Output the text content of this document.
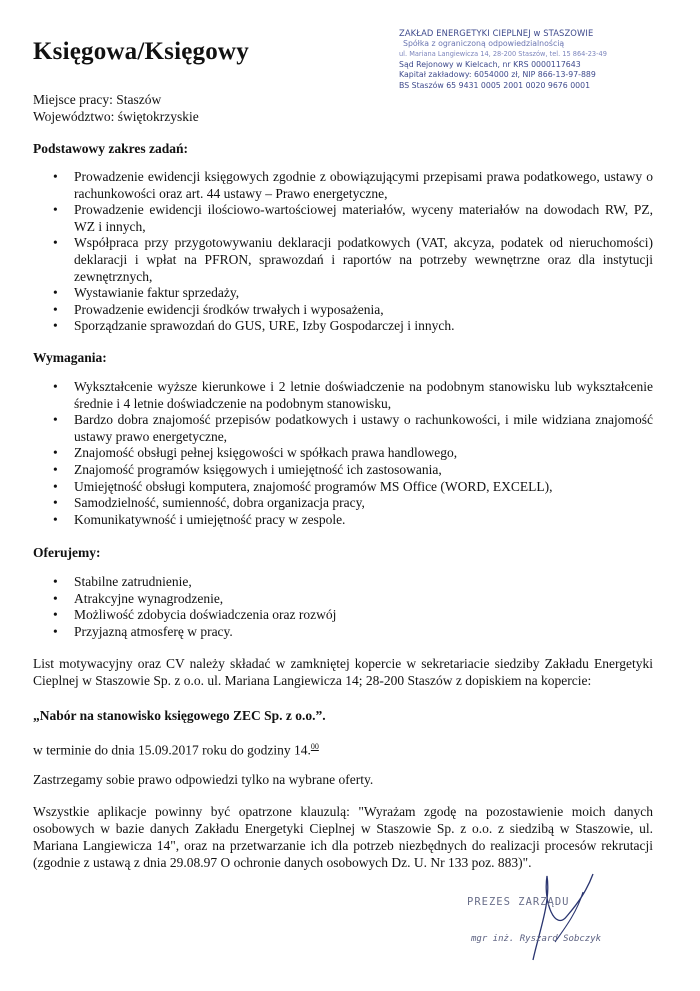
ZAKŁAD ENERGETYKI CIEPLNEJ w STASZOWIE
Spółka z ograniczoną odpowiedzialnością
ul. Mariana Langiewicza 14, 28-200 Staszów, tel. 15 864-23-49
Sąd Rejonowy w Kielcach, nr KRS 0000117643
Kapitał zakładowy: 6054000 zł, NIP 866-13-97-889
BS Staszów 65 9431 0005 2001 0020 9676 0001
Księgowa/Księgowy
Miejsce pracy: Staszów
Województwo: świętokrzyskie
Podstawowy zakres zadań:
• Prowadzenie ewidencji księgowych zgodnie z obowiązującymi przepisami prawa podatkowego, ustawy o rachunkowości oraz art. 44 ustawy – Prawo energetyczne,
• Prowadzenie ewidencji ilościowo-wartościowej materiałów, wyceny materiałów na dowodach RW, PZ, WZ i innych,
• Współpraca przy przygotowywaniu deklaracji podatkowych (VAT, akcyza, podatek od nieruchomości) deklaracji i wpłat na PFRON, sprawozdań i raportów na potrzeby wewnętrzne oraz dla instytucji zewnętrznych,
• Wystawianie faktur sprzedaży,
• Prowadzenie ewidencji środków trwałych i wyposażenia,
• Sporządzanie sprawozdań do GUS, URE, Izby Gospodarczej i innych.
Wymagania:
• Wykształcenie wyższe kierunkowe i 2 letnie doświadczenie na podobnym stanowisku lub wykształcenie średnie i 4 letnie doświadczenie na podobnym stanowisku,
• Bardzo dobra znajomość przepisów podatkowych i ustawy o rachunkowości, i mile widziana znajomość ustawy prawo energetyczne,
• Znajomość obsługi pełnej księgowości w spółkach prawa handlowego,
• Znajomość programów księgowych i umiejętność ich zastosowania,
• Umiejętność obsługi komputera, znajomość programów MS Office (WORD, EXCELL),
• Samodzielność, sumienność, dobra organizacja pracy,
• Komunikatywność i umiejętność pracy w zespole.
Oferujemy:
• Stabilne zatrudnienie,
• Atrakcyjne wynagrodzenie,
• Możliwość zdobycia doświadczenia oraz rozwój
• Przyjazną atmosferę w pracy.

List motywacyjny oraz CV należy składać w zamkniętej kopercie w sekretariacie siedziby Zakładu Energetyki Cieplnej w Staszowie Sp. z o.o. ul. Mariana Langiewicza 14; 28-200 Staszów z dopiskiem na kopercie:

„Nabór na stanowisko księgowego ZEC Sp. z o.o.”.

w terminie do dnia 15.09.2017 roku do godziny 14.00

Zastrzegamy sobie prawo odpowiedzi tylko na wybrane oferty.

Wszystkie aplikacje powinny być opatrzone klauzulą: "Wyrażam zgodę na pozostawienie moich danych osobowych w bazie danych Zakładu Energetyki Cieplnej w Staszowie Sp. z o.o. z siedzibą w Staszowie, ul. Mariana Langiewicza 14", oraz na przetwarzanie ich dla potrzeb niezbędnych do realizacji procesów rekrutacji (zgodnie z ustawą z dnia 29.08.97 O ochronie danych osobowych Dz. U. Nr 133 poz. 883)".

PREZES ZARZĄDU
mgr inż. Ryszard Sobczyk
